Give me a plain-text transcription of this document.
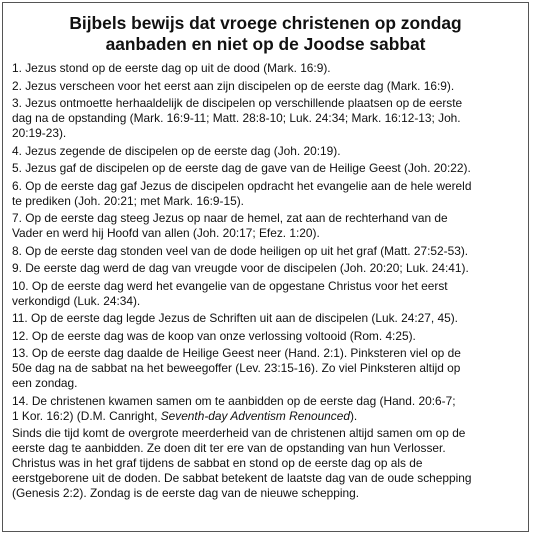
Bijbels bewijs dat vroege christenen op zondag
aanbaden en niet op de Joodse sabbat
1. Jezus stond op de eerste dag op uit de dood (Mark. 16:9).
2. Jezus verscheen voor het eerst aan zijn discipelen op de eerste dag (Mark. 16:9).
3. Jezus ontmoette herhaaldelijk de discipelen op verschillende plaatsen op de eerste
dag na de opstanding (Mark. 16:9-11; Matt. 28:8-10; Luk. 24:34; Mark. 16:12-13; Joh.
20:19-23).
4. Jezus zegende de discipelen op de eerste dag (Joh. 20:19).
5. Jezus gaf de discipelen op de eerste dag de gave van de Heilige Geest (Joh. 20:22).
6. Op de eerste dag gaf Jezus de discipelen opdracht het evangelie aan de hele wereld
te prediken (Joh. 20:21; met Mark. 16:9-15).
7. Op de eerste dag steeg Jezus op naar de hemel, zat aan de rechterhand van de
Vader en werd hij Hoofd van allen (Joh. 20:17; Efez. 1:20).
8. Op de eerste dag stonden veel van de dode heiligen op uit het graf (Matt. 27:52-53).
9. De eerste dag werd de dag van vreugde voor de discipelen (Joh. 20:20; Luk. 24:41).
10. Op de eerste dag werd het evangelie van de opgestane Christus voor het eerst
verkondigd (Luk. 24:34).
11. Op de eerste dag legde Jezus de Schriften uit aan de discipelen (Luk. 24:27, 45).
12. Op de eerste dag was de koop van onze verlossing voltooid (Rom. 4:25).
13. Op de eerste dag daalde de Heilige Geest neer (Hand. 2:1). Pinksteren viel op de
50e dag na de sabbat na het beweegoffer (Lev. 23:15-16). Zo viel Pinksteren altijd op
een zondag.
14. De christenen kwamen samen om te aanbidden op de eerste dag (Hand. 20:6-7;
1 Kor. 16:2) (D.M. Canright, Seventh-day Adventism Renounced).
Sinds die tijd komt de overgrote meerderheid van de christenen altijd samen om op de
eerste dag te aanbidden. Ze doen dit ter ere van de opstanding van hun Verlosser.
Christus was in het graf tijdens de sabbat en stond op de eerste dag op als de
eerstgeborene uit de doden. De sabbat betekent de laatste dag van de oude schepping
(Genesis 2:2). Zondag is de eerste dag van de nieuwe schepping.
